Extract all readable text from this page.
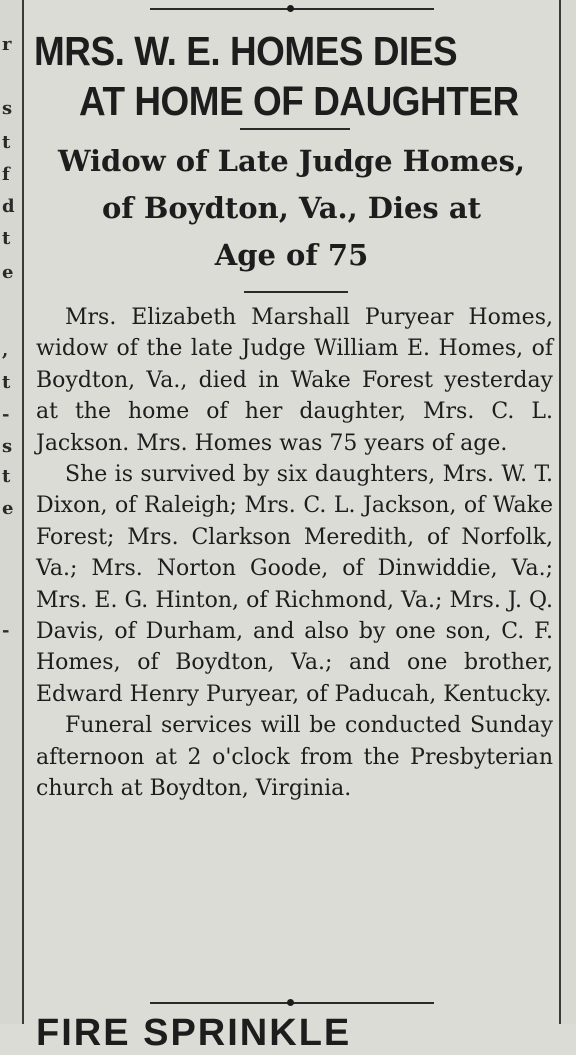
r
s
t
f
d
t
e
,
t
-
s
t
e
-
MRS. W. E. HOMES DIES
AT HOME OF DAUGHTER
Widow of Late Judge Homes,
of Boydton, Va., Dies at
Age of 75

Mrs. Elizabeth Marshall Puryear Homes, widow of the late Judge William E. Homes, of Boydton, Va., died in Wake Forest yesterday at the home of her daughter, Mrs. C. L. Jackson. Mrs. Homes was 75 years of age.

She is survived by six daughters, Mrs. W. T. Dixon, of Raleigh; Mrs. C. L. Jackson, of Wake Forest; Mrs. Clarkson Meredith, of Norfolk, Va.; Mrs. Norton Goode, of Dinwiddie, Va.; Mrs. E. G. Hinton, of Richmond, Va.; Mrs. J. Q. Davis, of Durham, and also by one son, C. F. Homes, of Boydton, Va.; and one brother, Edward Henry Puryear, of Paducah, Kentucky.

Funeral services will be conducted Sunday afternoon at 2 o'clock from the Presbyterian church at Boydton, Virginia.

FIRE SPRINKLE
